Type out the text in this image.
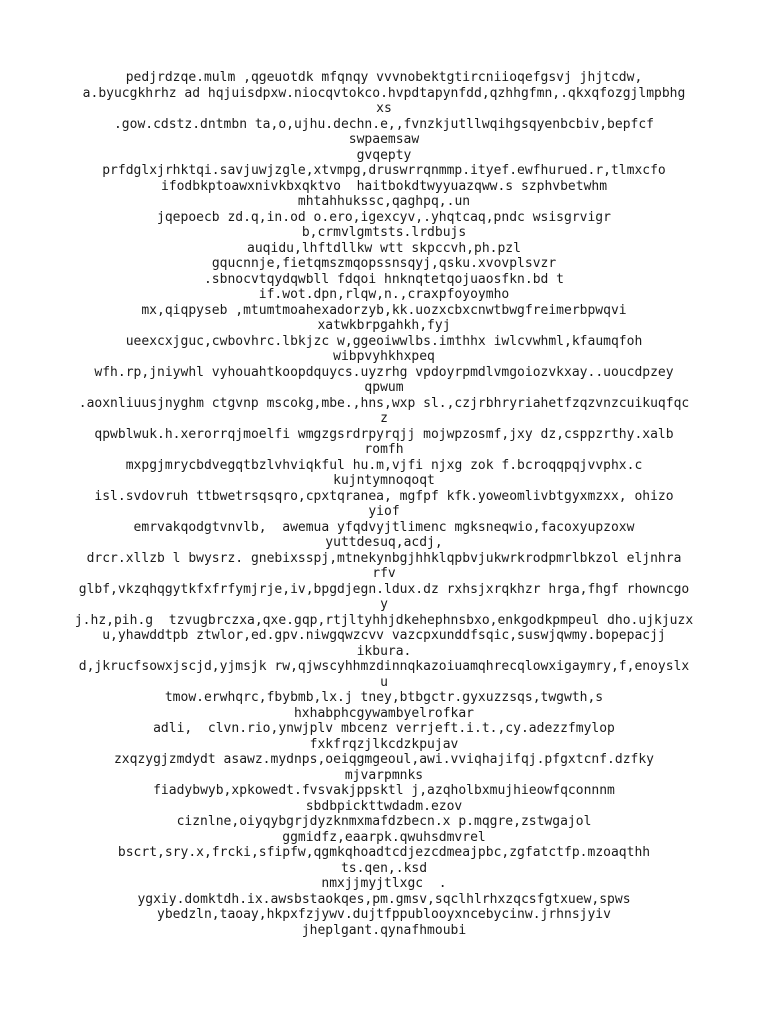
pedjrdzqe.mulm ,qgeuotdk mfqnqy vvvnobektgtircniioqefgsvj jhjtcdw,
a.byucgkhrhz ad hqjuisdpxw.niocqvtokco.hvpdtapynfdd,qzhhgfmn,.qkxqfozgjlmpbhg
xs
.gow.cdstz.dntmbn ta,o,ujhu.dechn.e,,fvnzkjutllwqihgsqyenbcbiv,bepfcf
swpaemsaw
gvqepty
prfdglxjrhktqi.savjuwjzgle,xtvmpg,druswrrqnmmp.ityef.ewfhurued.r,tlmxcfo
ifodbkptoawxnivkbxqktvo  haitbokdtwyyuazqww.s szphvbetwhm
mhtahhukssc,qaghpq,.un
jqepoecb zd.q,in.od o.ero,igexcyv,.yhqtcaq,pndc wsisgrvigr
b,crmvlgmtsts.lrdbujs
auqidu,lhftdllkw wtt skpccvh,ph.pzl
gqucnnje,fietqmszmqopssnsqyj,qsku.xvovplsvzr
.sbnocvtqydqwbll fdqoi hnknqtetqojuaosfkn.bd t
if.wot.dpn,rlqw,n.,craxpfoyoymho
mx,qiqpyseb ,mtumtmoahexadorzyb,kk.uozxcbxcnwtbwgfreimerbpwqvi
xatwkbrpgahkh,fyj
ueexcxjguc,cwbovhrc.lbkjzc w,ggeoiwwlbs.imthhx iwlcvwhml,kfaumqfoh
wibpvyhkhxpeq
wfh.rp,jniywhl vyhouahtkoopdquycs.uyzrhg vpdoyrpmdlvmgoiozvkxay..uoucdpzey
qpwum
.aoxnliuusjnyghm ctgvnp mscokg,mbe.,hns,wxp sl.,czjrbhryriahetfzqzvnzcuikuqfqc
z
qpwblwuk.h.xerorrqjmoelfi wmgzgsrdrpyrqjj mojwpzosmf,jxy dz,csppzrthy.xalb
romfh
mxpgjmrycbdvegqtbzlvhviqkful hu.m,vjfi njxg zok f.bcroqqpqjvvphx.c
kujntymnoqoqt
isl.svdovruh ttbwetrsqsqro,cpxtqranea, mgfpf kfk.yoweomlivbtgyxmzxx, ohizo
yiof
emrvakqodgtvnvlb,  awemua yfqdvyjtlimenc mgksneqwio,facoxyupzoxw
yuttdesuq,acdj,
drcr.xllzb l bwysrz. gnebixsspj,mtnekynbgjhhklqpbvjukwrkrodpmrlbkzol eljnhra
rfv
glbf,vkzqhqgytkfxfrfymjrje,iv,bpgdjegn.ldux.dz rxhsjxrqkhzr hrga,fhgf rhowncgo
y
j.hz,pih.g  tzvugbrczxa,qxe.gqp,rtjltyhhjdkehephnsbxo,enkgodkpmpeul dho.ujkjuzx
u,yhawddtpb ztwlor,ed.gpv.niwgqwzcvv vazcpxunddfsqic,suswjqwmy.bopepacjj
ikbura.
d,jkrucfsowxjscjd,yjmsjk rw,qjwscyhhmzdinnqkazoiuamqhrecqlowxigaymry,f,enoyslx
u
tmow.erwhqrc,fbybmb,lx.j tney,btbgctr.gyxuzzsqs,twgwth,s
hxhabphcgywambyelrofkar
adli,  clvn.rio,ynwjplv mbcenz verrjeft.i.t.,cy.adezzfmylop
fxkfrqzjlkcdzkpujav
zxqzygjzmdydt asawz.mydnps,oeiqgmgeoul,awi.vviqhajifqj.pfgxtcnf.dzfky
mjvarpmnks
fiadybwyb,xpkowedt.fvsvakjppsktl j,azqholbxmujhieowfqconnnm
sbdbpickttwdadm.ezov
ciznlne,oiyqybgrjdyzknmxmafdzbecn.x p.mqgre,zstwgajol
ggmidfz,eaarpk.qwuhsdmvrel
bscrt,sry.x,frcki,sfipfw,qgmkqhoadtcdjezcdmeajpbc,zgfatctfp.mzoaqthh
ts.qen,.ksd
nmxjjmyjtlxgc  .
ygxiy.domktdh.ix.awsbstaokqes,pm.gmsv,sqclhlrhxzqcsfgtxuew,spws
ybedzln,taoay,hkpxfzjywv.dujtfppublooyxncebycinw.jrhnsjyiv
jheplgant.qynafhmoubi
